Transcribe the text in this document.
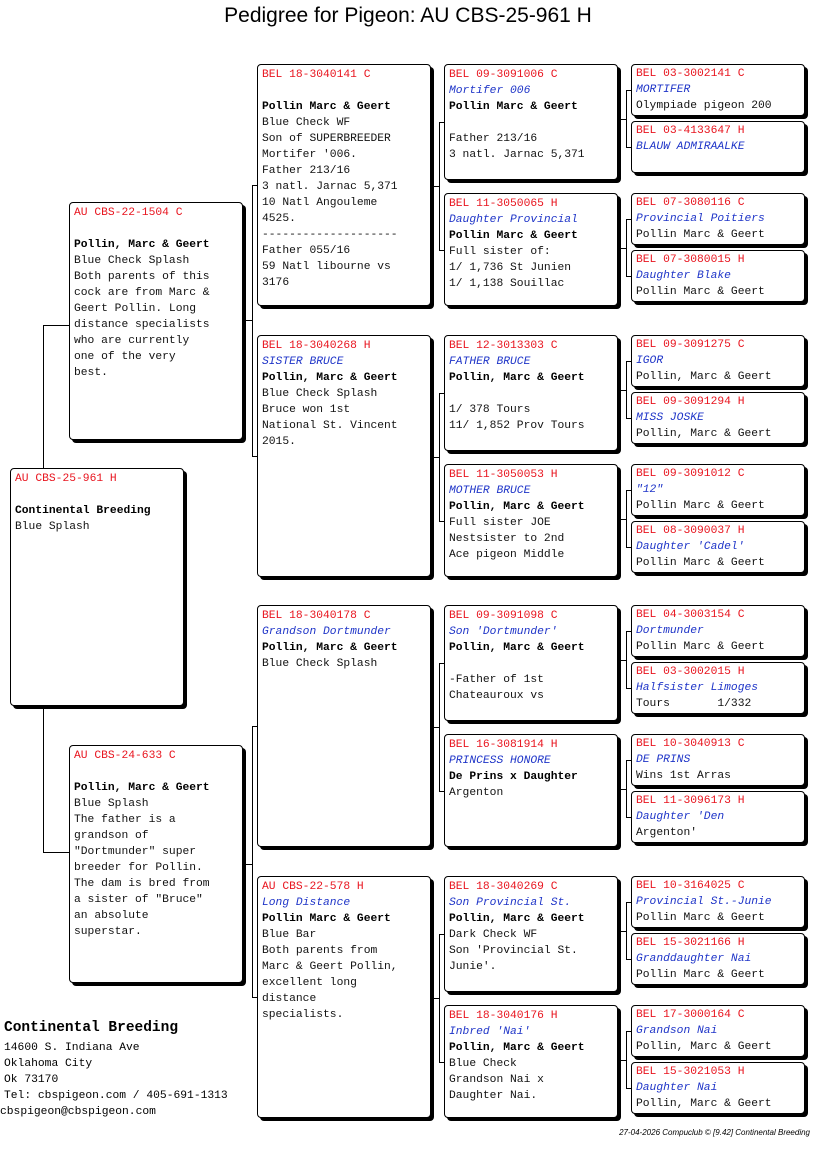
Pedigree for Pigeon: AU CBS-25-961 H
AU CBS-25-961 H
Continental Breeding
Blue Splash
AU CBS-22-1504 C
Pollin, Marc & Geert
Blue Check Splash
Both parents of this
cock are from Marc &
Geert Pollin. Long
distance specialists
who are currently
one of the very
best.
AU CBS-24-633 C
Pollin, Marc & Geert
Blue Splash
The father is a
grandson of
"Dortmunder" super
breeder for Pollin.
The dam is bred from
a sister of "Bruce"
an absolute
superstar.
BEL 18-3040141 C
Pollin Marc & Geert
Blue Check WF
Son of SUPERBREEDER
Mortifer '006.
Father 213/16
3 natl. Jarnac 5,371
10 Natl Angouleme
4525.
--------------------
Father 055/16
59 Natl libourne vs
3176
BEL 18-3040268 H
SISTER BRUCE
Pollin, Marc & Geert
Blue Check Splash
Bruce won 1st
National St. Vincent
2015.
BEL 18-3040178 C
Grandson Dortmunder
Pollin, Marc & Geert
Blue Check Splash
AU CBS-22-578 H
Long Distance
Pollin Marc & Geert
Blue Bar
Both parents from
Marc & Geert Pollin,
excellent long
distance
specialists.
BEL 09-3091006 C
Mortifer 006
Pollin Marc & Geert

Father 213/16
3 natl. Jarnac 5,371
BEL 11-3050065 H
Daughter Provincial
Pollin Marc & Geert
Full sister of:
1/ 1,736 St Junien
1/ 1,138 Souillac
BEL 12-3013303 C
FATHER BRUCE
Pollin, Marc & Geert

1/ 378 Tours
11/ 1,852 Prov Tours
BEL 11-3050053 H
MOTHER BRUCE
Pollin, Marc & Geert
Full sister JOE
Nestsister to 2nd
Ace pigeon Middle
BEL 09-3091098 C
Son 'Dortmunder'
Pollin, Marc & Geert

-Father of 1st
Chateauroux vs
BEL 16-3081914 H
PRINCESS HONORE
De Prins x Daughter
Argenton
BEL 18-3040269 C
Son Provincial St.
Pollin, Marc & Geert
Dark Check WF
Son 'Provincial St.
Junie'.
BEL 18-3040176 H
Inbred 'Nai'
Pollin, Marc & Geert
Blue Check
Grandson Nai x
Daughter Nai.
BEL 03-3002141 C
MORTIFER
Olympiade pigeon 200
BEL 03-4133647 H
BLAUW ADMIRAALKE

BEL 07-3080116 C
Provincial Poitiers
Pollin Marc & Geert
BEL 07-3080015 H
Daughter Blake
Pollin Marc & Geert
BEL 09-3091275 C
IGOR
Pollin, Marc & Geert
BEL 09-3091294 H
MISS JOSKE
Pollin, Marc & Geert
BEL 09-3091012 C
"12"
Pollin Marc & Geert
BEL 08-3090037 H
Daughter 'Cadel'
Pollin Marc & Geert
BEL 04-3003154 C
Dortmunder
Pollin Marc & Geert
BEL 03-3002015 H
Halfsister Limoges
Tours       1/332
BEL 10-3040913 C
DE PRINS
Wins 1st Arras
BEL 11-3096173 H
Daughter 'Den
Argenton'
BEL 10-3164025 C
Provincial St.-Junie
Pollin Marc & Geert
BEL 15-3021166 H
Granddaughter Nai
Pollin Marc & Geert
BEL 17-3000164 C
Grandson Nai
Pollin, Marc & Geert
BEL 15-3021053 H
Daughter Nai
Pollin, Marc & Geert
Continental Breeding
14600 S. Indiana Ave
Oklahoma City
Ok 73170
Tel: cbspigeon.com / 405-691-1313
cbspigeon@cbspigeon.com
27-04-2026 Compuclub © [9.42] Continental Breeding
